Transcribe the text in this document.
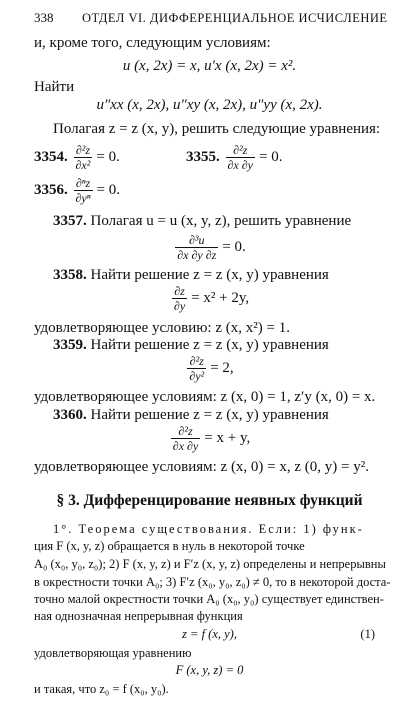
338 ОТДЕЛ VI. ДИФФЕРЕНЦИАЛЬНОЕ ИСЧИСЛЕНИЕ
и, кроме того, следующим условиям:
u (x, 2x) = x, u′x (x, 2x) = x².
Найти
u″xx (x, 2x), u″xy (x, 2x), u″yy (x, 2x).
Полагая z = z (x, y), решить следующие уравнения:
3354. $\frac{\text{∂²z}}{\text{∂x²}} = 0$.	3355. $\frac{\text{∂²z}}{\partial x \partial y} = 0$.
3356. $\frac{\text{∂ⁿz}}{\text{∂yⁿ}} = 0$.
3357. Полагая u = u (x, y, z), решить уравнение
$\frac{\text{∂³u}}{\partial x \partial y \partial z} = 0$.
3358. Найти решение z = z (x, y) уравнения
$\frac{\partial z}{\partial y} = x^2 + 2y$,
удовлетворяющее условию: z (x, x²) = 1.
3359. Найти решение z = z (x, y) уравнения
$\frac{\text{∂²z}}{\text{∂y²}} = 2$,
удовлетворяющее условиям: z (x, 0) = 1, z′y (x, 0) = x.
3360. Найти решение z = z (x, y) уравнения
$\frac{\text{∂²z}}{\partial x \partial y} = x + y$,
удовлетворяющее условиям: z (x, 0) = x, z (0, y) = y².
§ 3. Дифференцирование неявных функций
1°. Теорема существования. Если: 1) функ-
ция F (x, y, z) обращается в нуль в некоторой точке
A₀ (x₀, y₀, z₀); 2) F (x, y, z) и F′z (x, y, z) определены и непрерывны
в окрестности точки A₀; 3) F′z (x₀, y₀, z₀) ≠ 0, то в некоторой доста-
точно малой окрестности точки A₀ (x₀, y₀) существует единствен-
ная однозначная непрерывная функция
z = f (x, y),	(1)
удовлетворяющая уравнению
F (x, y, z) = 0
и такая, что z₀ = f (x₀, y₀).
